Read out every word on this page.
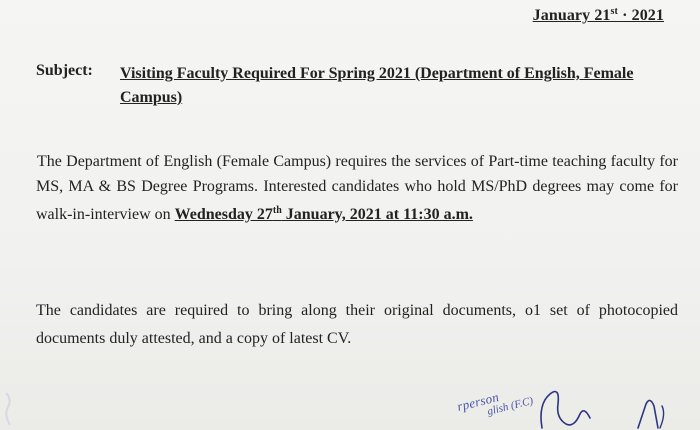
January 21st · 2021
Subject: Visiting Faculty Required For Spring 2021 (Department of English, Female Campus)
The Department of English (Female Campus) requires the services of Part-time teaching faculty for MS, MA & BS Degree Programs. Interested candidates who hold MS/PhD degrees may come for walk-in-interview on Wednesday 27th January, 2021 at 11:30 a.m.
The candidates are required to bring along their original documents, o1 set of photocopied documents duly attested, and a copy of latest CV.
rperson
glish (F.C)
